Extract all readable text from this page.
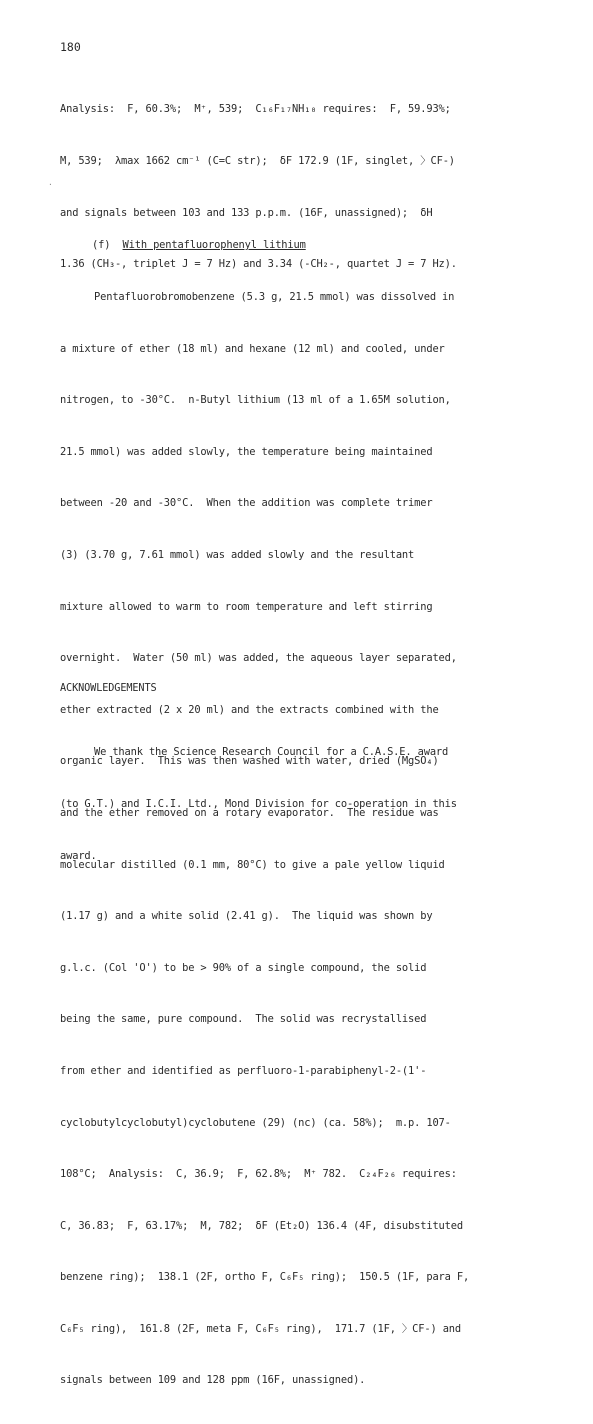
180

Analysis:  F, 60.3%;  M⁺, 539;  C₁₆F₁₇NH₁₀ requires:  F, 59.93%;

M, 539;  λmax 1662 cm⁻¹ (C=C str);  δF 172.9 (1F, singlet, 〉CF-)

and signals between 103 and 133 p.p.m. (16F, unassigned);  δH

1.36 (CH₃-, triplet J = 7 Hz) and 3.34 (-CH₂-, quartet J = 7 Hz).

.

(f) With pentafluorophenyl lithium

Pentafluorobromobenzene (5.3 g, 21.5 mmol) was dissolved in

a mixture of ether (18 ml) and hexane (12 ml) and cooled, under

nitrogen, to -30°C.  n-Butyl lithium (13 ml of a 1.65M solution,

21.5 mmol) was added slowly, the temperature being maintained

between -20 and -30°C.  When the addition was complete trimer

(3) (3.70 g, 7.61 mmol) was added slowly and the resultant

mixture allowed to warm to room temperature and left stirring

overnight.  Water (50 ml) was added, the aqueous layer separated,

ether extracted (2 x 20 ml) and the extracts combined with the

organic layer.  This was then washed with water, dried (MgSO₄)

and the ether removed on a rotary evaporator.  The residue was

molecular distilled (0.1 mm, 80°C) to give a pale yellow liquid

(1.17 g) and a white solid (2.41 g).  The liquid was shown by

g.l.c. (Col 'O') to be > 90% of a single compound, the solid

being the same, pure compound.  The solid was recrystallised

from ether and identified as perfluoro-1-parabiphenyl-2-(1'-

cyclobutylcyclobutyl)cyclobutene (29) (nc) (ca. 58%);  m.p. 107-

108°C;  Analysis:  C, 36.9;  F, 62.8%;  M⁺ 782.  C₂₄F₂₆ requires:

C, 36.83;  F, 63.17%;  M, 782;  δF (Et₂O) 136.4 (4F, disubstituted

benzene ring);  138.1 (2F, ortho F, C₆F₅ ring);  150.5 (1F, para F,

C₆F₅ ring),  161.8 (2F, meta F, C₆F₅ ring),  171.7 (1F, 〉CF-) and

signals between 109 and 128 ppm (16F, unassigned).

ACKNOWLEDGEMENTS

We thank the Science Research Council for a C.A.S.E. award

(to G.T.) and I.C.I. Ltd., Mond Division for co-operation in this

award.
